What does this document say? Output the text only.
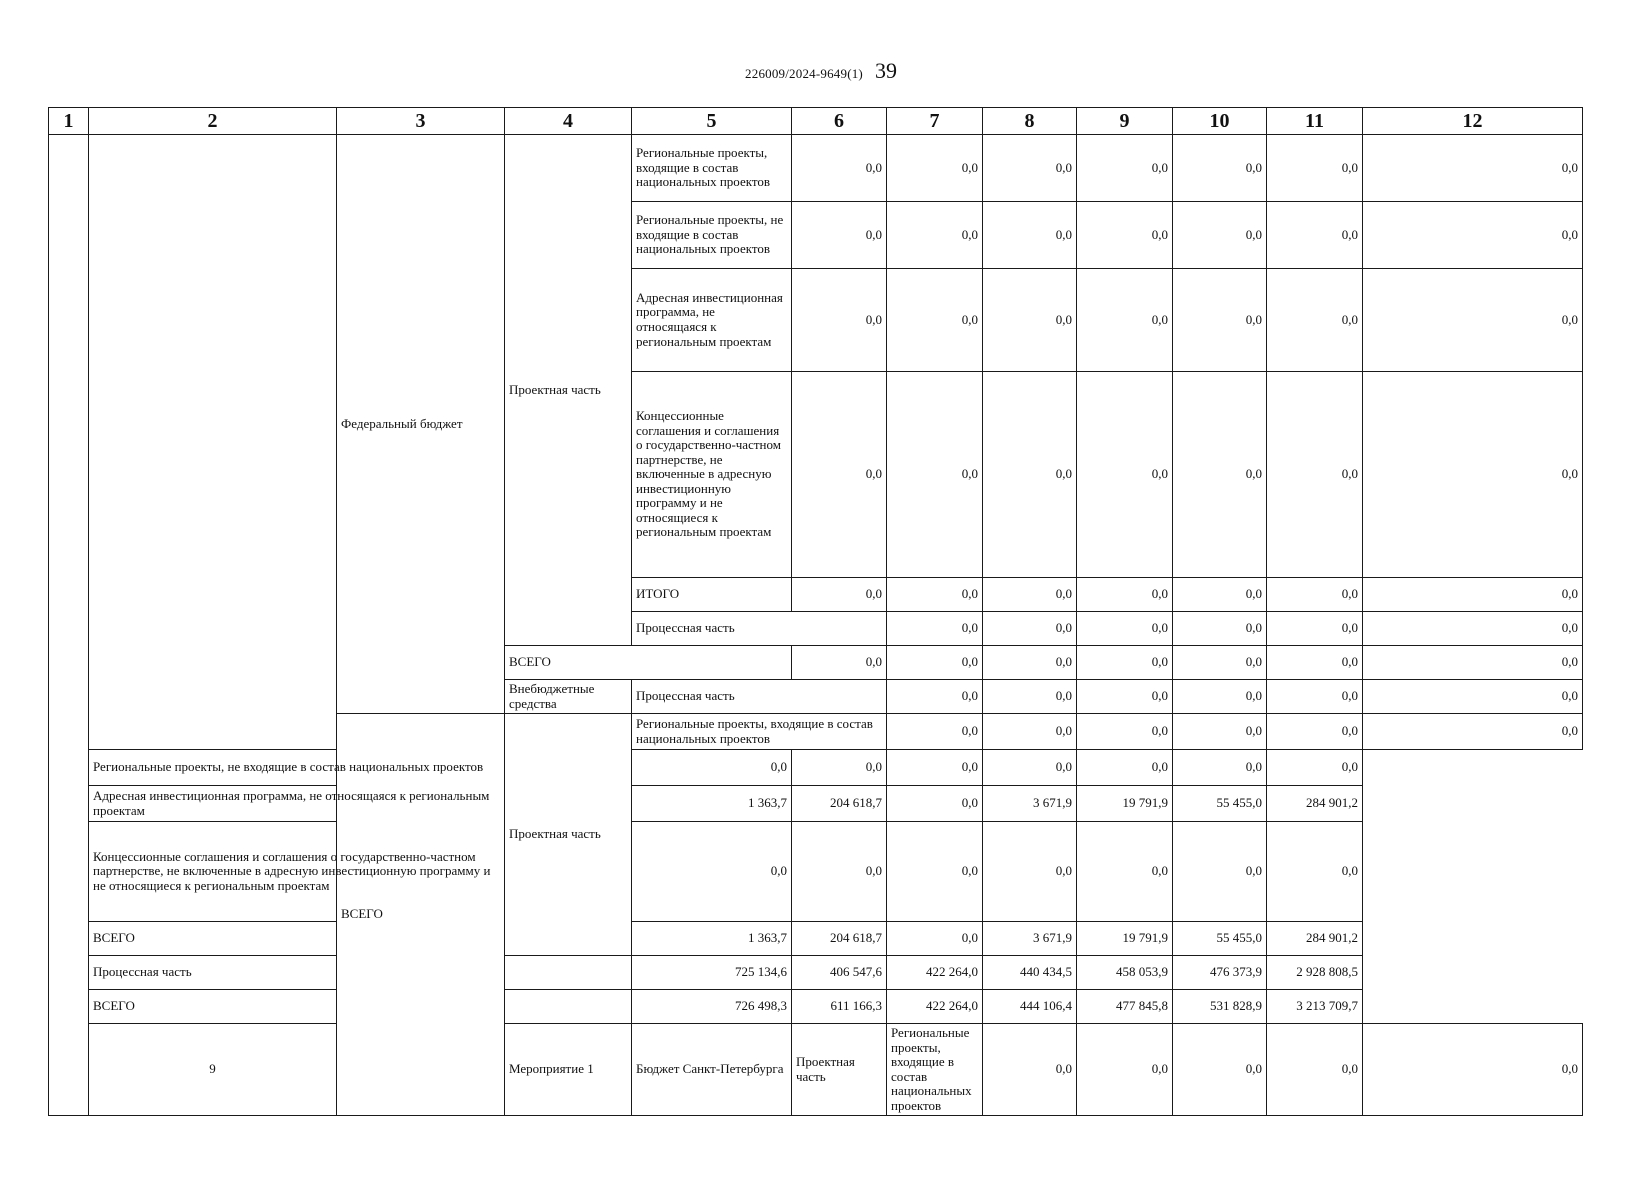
226009/2024-9649(1) 39
1	2	3	4	5	6	7	8	9	10	11	12	
		Федеральный бюджет	Проектная часть	Региональные проекты, входящие в состав национальных проектов	0,0	0,0	0,0	0,0	0,0	0,0	0,0	
				Региональные проекты, не входящие в состав национальных проектов	0,0	0,0	0,0	0,0	0,0	0,0	0,0	
				Адресная инвестиционная программа, не относящаяся к региональным проектам	0,0	0,0	0,0	0,0	0,0	0,0	0,0	
				Концессионные соглашения и соглашения о государственно-частном партнерстве, не включенные в адресную инвестиционную программу и не относящиеся к региональным проектам	0,0	0,0	0,0	0,0	0,0	0,0	0,0	
				ИТОГО	0,0	0,0	0,0	0,0	0,0	0,0	0,0	
				Процессная часть		0,0	0,0	0,0	0,0	0,0	0,0	
			ВСЕГО		0,0	0,0	0,0	0,0	0,0	0,0	0,0	
			Внебюджетные средства	Процессная часть		0,0	0,0	0,0	0,0	0,0	0,0	
		ВСЕГО	Проектная часть	Региональные проекты, входящие в состав национальных проектов		0,0	0,0	0,0	0,0	0,0	0,0	
	Региональные проекты, не входящие в состав национальных проектов			0,0	0,0	0,0	0,0	0,0	0,0	0,0		
	Адресная инвестиционная программа, не относящаяся к региональным проектам			1 363,7	204 618,7	0,0	3 671,9	19 791,9	55 455,0	284 901,2		
	Концессионные соглашения и соглашения о государственно-частном партнерстве, не включенные в адресную инвестиционную программу и не относящиеся к региональным проектам			0,0	0,0	0,0	0,0	0,0	0,0	0,0		
	ВСЕГО			1 363,7	204 618,7	0,0	3 671,9	19 791,9	55 455,0	284 901,2		
	Процессная часть			725 134,6	406 547,6	422 264,0	440 434,5	458 053,9	476 373,9	2 928 808,5		
	ВСЕГО			726 498,3	611 166,3	422 264,0	444 106,4	477 845,8	531 828,9	3 213 709,7		
	9		Мероприятие 1	Бюджет Санкт-Петербурга	Проектная часть	Региональные проекты, входящие в состав национальных проектов	0,0	0,0	0,0	0,0	0,0		
